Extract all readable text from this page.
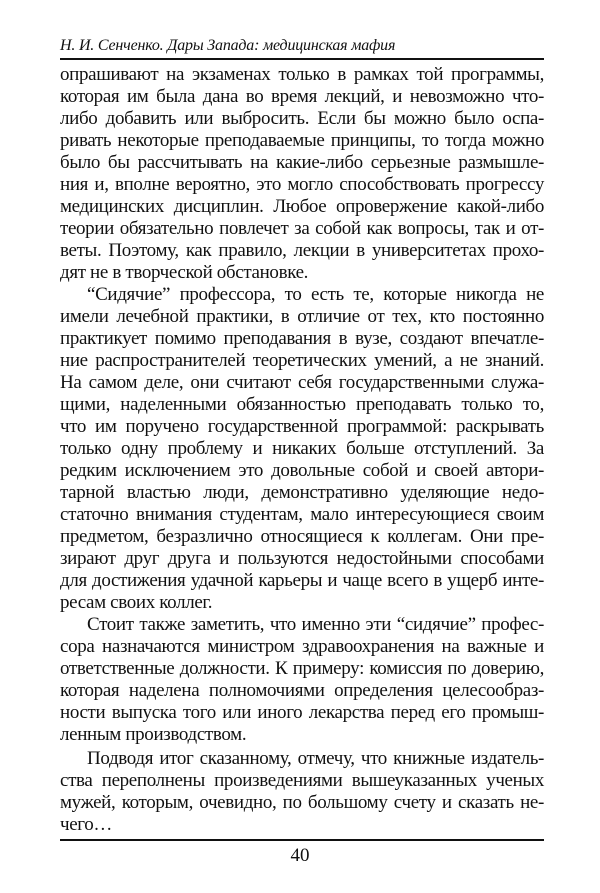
Н. И. Сенченко. Дары Запада: медицинская мафия
опрашивают на экзаменах только в рамках той программы,
которая им была дана во время лекций, и невозможно что-
либо добавить или выбросить. Если бы можно было оспа-
ривать некоторые преподаваемые принципы, то тогда можно
было бы рассчитывать на какие-либо серьезные размышле-
ния и, вполне вероятно, это могло способствовать прогрессу
медицинских дисциплин. Любое опровержение какой-либо
теории обязательно повлечет за собой как вопросы, так и от-
веты. Поэтому, как правило, лекции в университетах прохо-
дят не в творческой обстановке.
“Сидячие” профессора, то есть те, которые никогда не
имели лечебной практики, в отличие от тех, кто постоянно
практикует помимо преподавания в вузе, создают впечатле-
ние распространителей теоретических умений, а не знаний.
На самом деле, они считают себя государственными служа-
щими, наделенными обязанностью преподавать только то,
что им поручено государственной программой: раскрывать
только одну проблему и никаких больше отступлений. За
редким исключением это довольные собой и своей автори-
тарной властью люди, демонстративно уделяющие недо-
статочно внимания студентам, мало интересующиеся своим
предметом, безразлично относящиеся к коллегам. Они пре-
зирают друг друга и пользуются недостойными способами
для достижения удачной карьеры и чаще всего в ущерб инте-
ресам своих коллег.
Стоит также заметить, что именно эти “сидячие” профес-
сора назначаются министром здравоохранения на важные и
ответственные должности. К примеру: комиссия по доверию,
которая наделена полномочиями определения целесообраз-
ности выпуска того или иного лекарства перед его промыш-
ленным производством.
Подводя итог сказанному, отмечу, что книжные издатель-
ства переполнены произведениями вышеуказанных ученых
мужей, которым, очевидно, по большому счету и сказать не-
чего…
40
